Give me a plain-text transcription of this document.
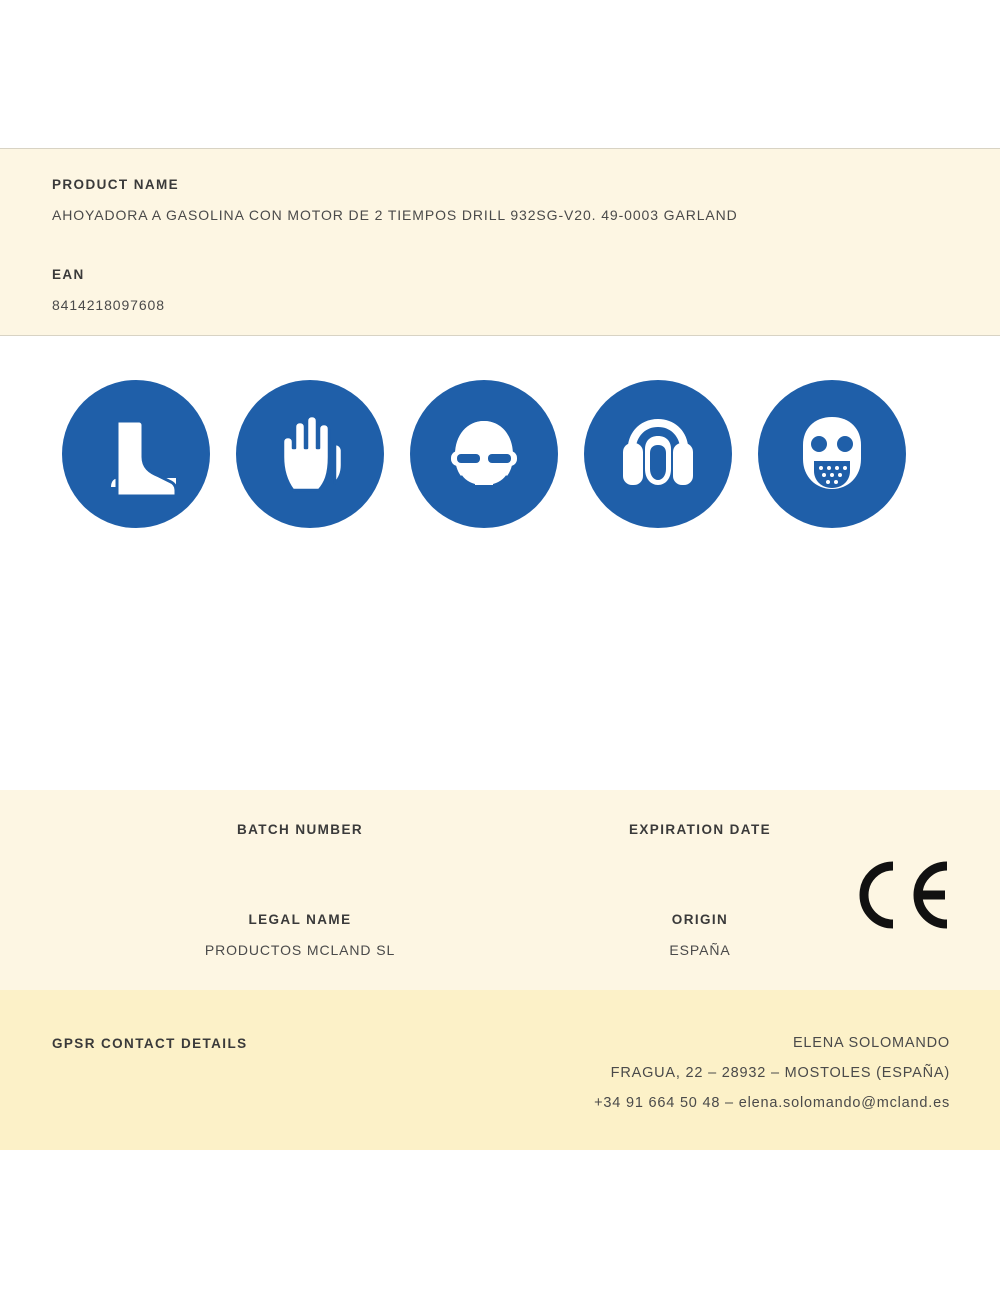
PRODUCT NAME
AHOYADORA A GASOLINA CON MOTOR DE 2 TIEMPOS DRILL 932SG-V20. 49-0003 GARLAND
EAN
8414218097608
BATCH NUMBER	EXPIRATION DATE
LEGAL NAME
PRODUCTOS MCLAND SL
ORIGIN
ESPAÑA
GPSR CONTACT DETAILS	ELENA SOLOMANDO
FRAGUA, 22 – 28932 – MOSTOLES (ESPAÑA)
+34 91 664 50 48 – elena.solomando@mcland.es
